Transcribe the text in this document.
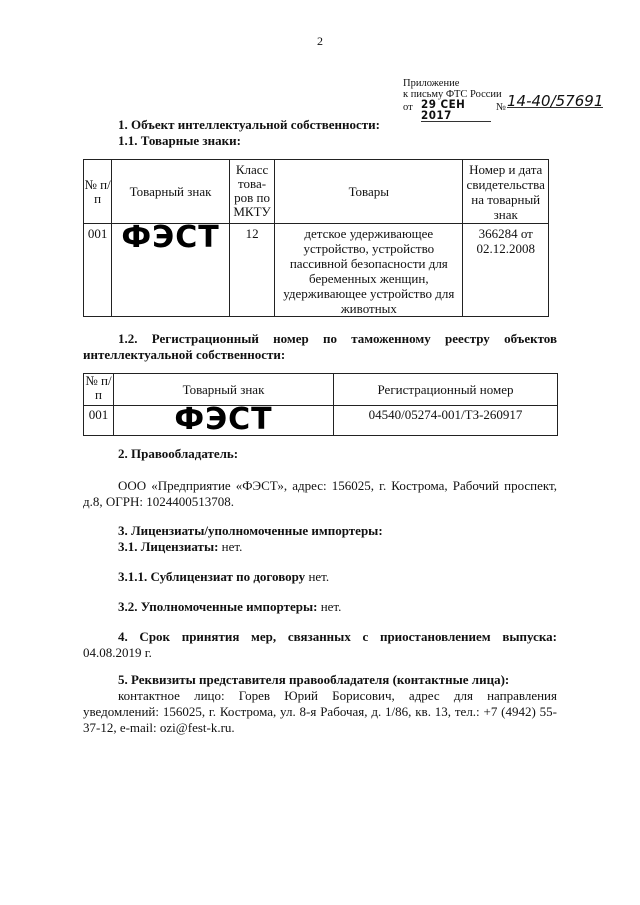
2
Приложение
к письму ФТС России
от 29 СЕН 2017
№ 14-40/57691
1. Объект интеллектуальной собственности:
1.1. Товарные знаки:
№ п/п	Товарный знак	Класс това-ров по МКТУ	Товары	Номер и дата свидетельства на товарный знак
001	ФЭСТ	12	детское удерживающее устройство, устройство пассивной безопасности для беременных женщин, удерживающее устройство для животных	366284 от 02.12.2008
1.2. Регистрационный номер по таможенному реестру объектов интеллектуальной собственности:
№ п/п	Товарный знак	Регистрационный номер
001	ФЭСТ	04540/05274-001/ТЗ-260917
2. Правообладатель:
ООО «Предприятие «ФЭСТ», адрес: 156025, г. Кострома, Рабочий проспект, д.8, ОГРН: 1024400513708.
3. Лицензиаты/уполномоченные импортеры:
3.1. Лицензиаты: нет.
3.1.1. Сублицензиат по договору нет.
3.2. Уполномоченные импортеры: нет.
4. Срок принятия мер, связанных с приостановлением выпуска: 04.08.2019 г.
5. Реквизиты представителя правообладателя (контактные лица):
контактное лицо: Горев Юрий Борисович, адрес для направления уведомлений: 156025, г. Кострома, ул. 8-я Рабочая, д. 1/86, кв. 13, тел.: +7 (4942) 55-37-12, e-mail: ozi@fest-k.ru.
